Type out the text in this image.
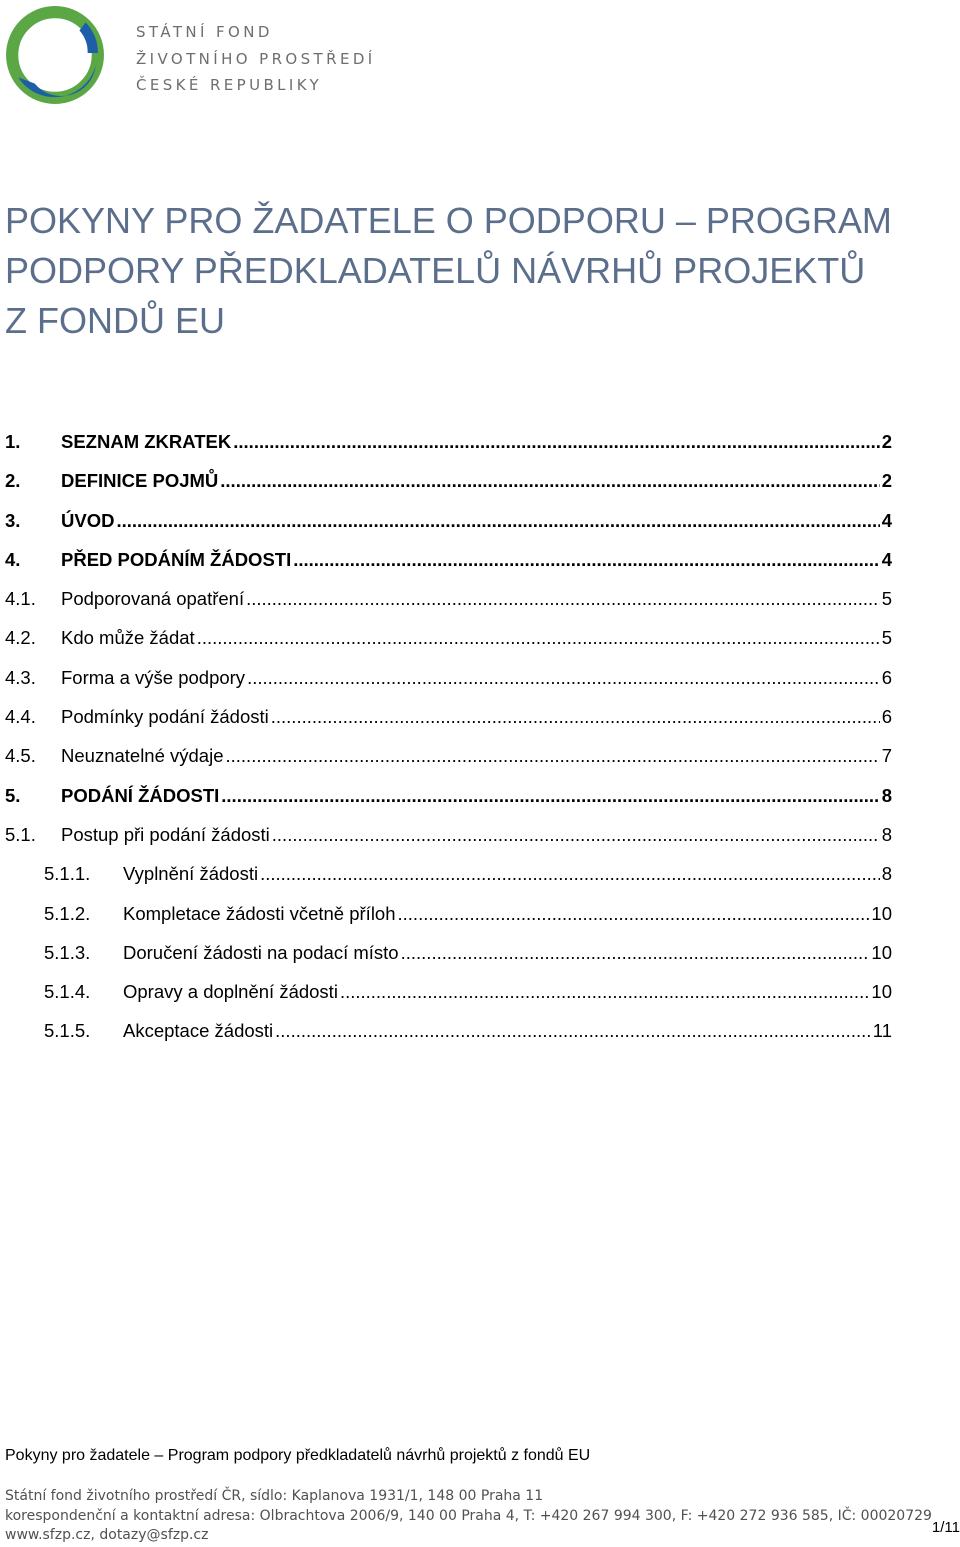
STÁTNÍ FOND
ŽIVOTNÍHO PROSTŘEDÍ
ČESKÉ REPUBLIKY
POKYNY PRO ŽADATELE O PODPORU – PROGRAM
PODPORY PŘEDKLADATELŮ NÁVRHŮ PROJEKTŮ
Z FONDŮ EU
1.	SEZNAM ZKRATEK .....	2
2.	DEFINICE POJMŮ .....	2
3.	ÚVOD .....	4
4.	PŘED PODÁNÍM ŽÁDOSTI .....	4
4.1.	Podporovaná opatření .....	5
4.2.	Kdo může žádat .....	5
4.3.	Forma a výše podpory .....	6
4.4.	Podmínky podání žádosti .....	6
4.5.	Neuznatelné výdaje .....	7
5.	PODÁNÍ ŽÁDOSTI .....	8
5.1.	Postup při podání žádosti .....	8
5.1.1.	Vyplnění žádosti .....	8
5.1.2.	Kompletace žádosti včetně příloh .....	10
5.1.3.	Doručení žádosti na podací místo .....	10
5.1.4.	Opravy a doplnění žádosti .....	10
5.1.5.	Akceptace žádosti .....	11
Pokyny pro žadatele – Program podpory předkladatelů návrhů projektů z fondů EU
Státní fond životního prostředí ČR, sídlo: Kaplanova 1931/1, 148 00 Praha 11
korespondenční a kontaktní adresa: Olbrachtova 2006/9, 140 00 Praha 4, T: +420 267 994 300, F: +420 272 936 585, IČ: 00020729
www.sfzp.cz, dotazy@sfzp.cz	1/11
